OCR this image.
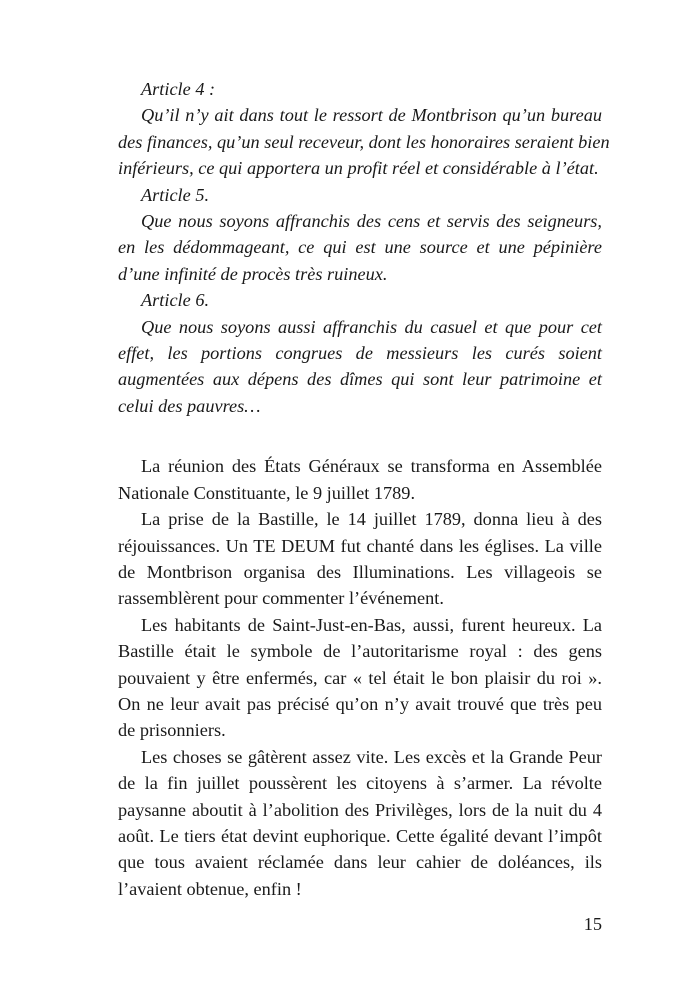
Article 4 :
Qu’il n’y ait dans tout le ressort de Montbrison qu’un bureau
des finances, qu’un seul receveur, dont les honoraires seraient bien
inférieurs, ce qui apportera un profit réel et considérable à l’état.
Article 5.
Que nous soyons affranchis des cens et servis des seigneurs,
en les dédommageant, ce qui est une source et une pépinière
d’une infinité de procès très ruineux.
Article 6.
Que nous soyons aussi affranchis du casuel et que pour cet
effet, les portions congrues de messieurs les curés soient
augmentées aux dépens des dîmes qui sont leur patrimoine et
celui des pauvres…
La réunion des États Généraux se transforma en Assemblée
Nationale Constituante, le 9 juillet 1789.
La prise de la Bastille, le 14 juillet 1789, donna lieu à des
réjouissances. Un TE DEUM fut chanté dans les églises. La ville
de Montbrison organisa des Illuminations. Les villageois se
rassemblèrent pour commenter l’événement.
Les habitants de Saint-Just-en-Bas, aussi, furent heureux. La
Bastille était le symbole de l’autoritarisme royal : des gens
pouvaient y être enfermés, car « tel était le bon plaisir du roi ».
On ne leur avait pas précisé qu’on n’y avait trouvé que très peu
de prisonniers.
Les choses se gâtèrent assez vite. Les excès et la Grande Peur
de la fin juillet poussèrent les citoyens à s’armer. La révolte
paysanne aboutit à l’abolition des Privilèges, lors de la nuit du 4
août. Le tiers état devint euphorique. Cette égalité devant l’impôt
que tous avaient réclamée dans leur cahier de doléances, ils
l’avaient obtenue, enfin !
15
